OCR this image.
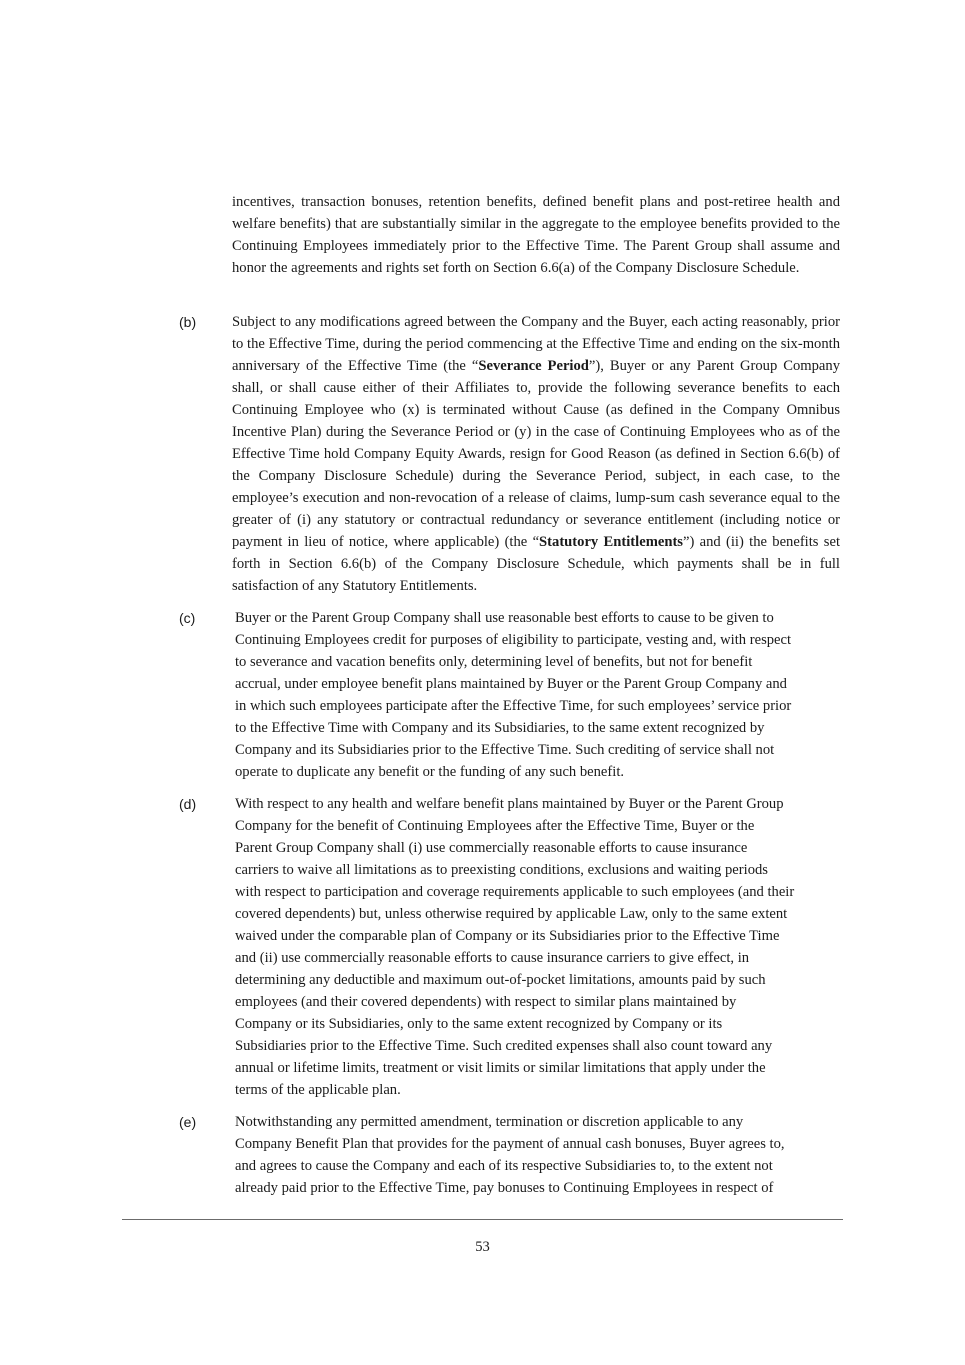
incentives, transaction bonuses, retention benefits, defined benefit plans and post-retiree health and welfare benefits) that are substantially similar in the aggregate to the employee benefits provided to the Continuing Employees immediately prior to the Effective Time. The Parent Group shall assume and honor the agreements and rights set forth on Section 6.6(a) of the Company Disclosure Schedule.
(b) Subject to any modifications agreed between the Company and the Buyer, each acting reasonably, prior to the Effective Time, during the period commencing at the Effective Time and ending on the six-month anniversary of the Effective Time (the “Severance Period”), Buyer or any Parent Group Company shall, or shall cause either of their Affiliates to, provide the following severance benefits to each Continuing Employee who (x) is terminated without Cause (as defined in the Company Omnibus Incentive Plan) during the Severance Period or (y) in the case of Continuing Employees who as of the Effective Time hold Company Equity Awards, resign for Good Reason (as defined in Section 6.6(b) of the Company Disclosure Schedule) during the Severance Period, subject, in each case, to the employee’s execution and non-revocation of a release of claims, lump-sum cash severance equal to the greater of (i) any statutory or contractual redundancy or severance entitlement (including notice or payment in lieu of notice, where applicable) (the “Statutory Entitlements”) and (ii) the benefits set forth in Section 6.6(b) of the Company Disclosure Schedule, which payments shall be in full satisfaction of any Statutory Entitlements.
(c)	Buyer or the Parent Group Company shall use reasonable best efforts to cause to be given to
Continuing Employees credit for purposes of eligibility to participate, vesting and, with respect
to severance and vacation benefits only, determining level of benefits, but not for benefit
accrual, under employee benefit plans maintained by Buyer or the Parent Group Company and
in which such employees participate after the Effective Time, for such employees’ service prior
to the Effective Time with Company and its Subsidiaries, to the same extent recognized by
Company and its Subsidiaries prior to the Effective Time. Such crediting of service shall not
operate to duplicate any benefit or the funding of any such benefit.
(d)	With respect to any health and welfare benefit plans maintained by Buyer or the Parent Group
Company for the benefit of Continuing Employees after the Effective Time, Buyer or the
Parent Group Company shall (i) use commercially reasonable efforts to cause insurance
carriers to waive all limitations as to preexisting conditions, exclusions and waiting periods
with respect to participation and coverage requirements applicable to such employees (and their
covered dependents) but, unless otherwise required by applicable Law, only to the same extent
waived under the comparable plan of Company or its Subsidiaries prior to the Effective Time
and (ii) use commercially reasonable efforts to cause insurance carriers to give effect, in
determining any deductible and maximum out-of-pocket limitations, amounts paid by such
employees (and their covered dependents) with respect to similar plans maintained by
Company or its Subsidiaries, only to the same extent recognized by Company or its
Subsidiaries prior to the Effective Time. Such credited expenses shall also count toward any
annual or lifetime limits, treatment or visit limits or similar limitations that apply under the
terms of the applicable plan.
(e)	Notwithstanding any permitted amendment, termination or discretion applicable to any
Company Benefit Plan that provides for the payment of annual cash bonuses, Buyer agrees to,
and agrees to cause the Company and each of its respective Subsidiaries to, to the extent not
already paid prior to the Effective Time, pay bonuses to Continuing Employees in respect of
53
